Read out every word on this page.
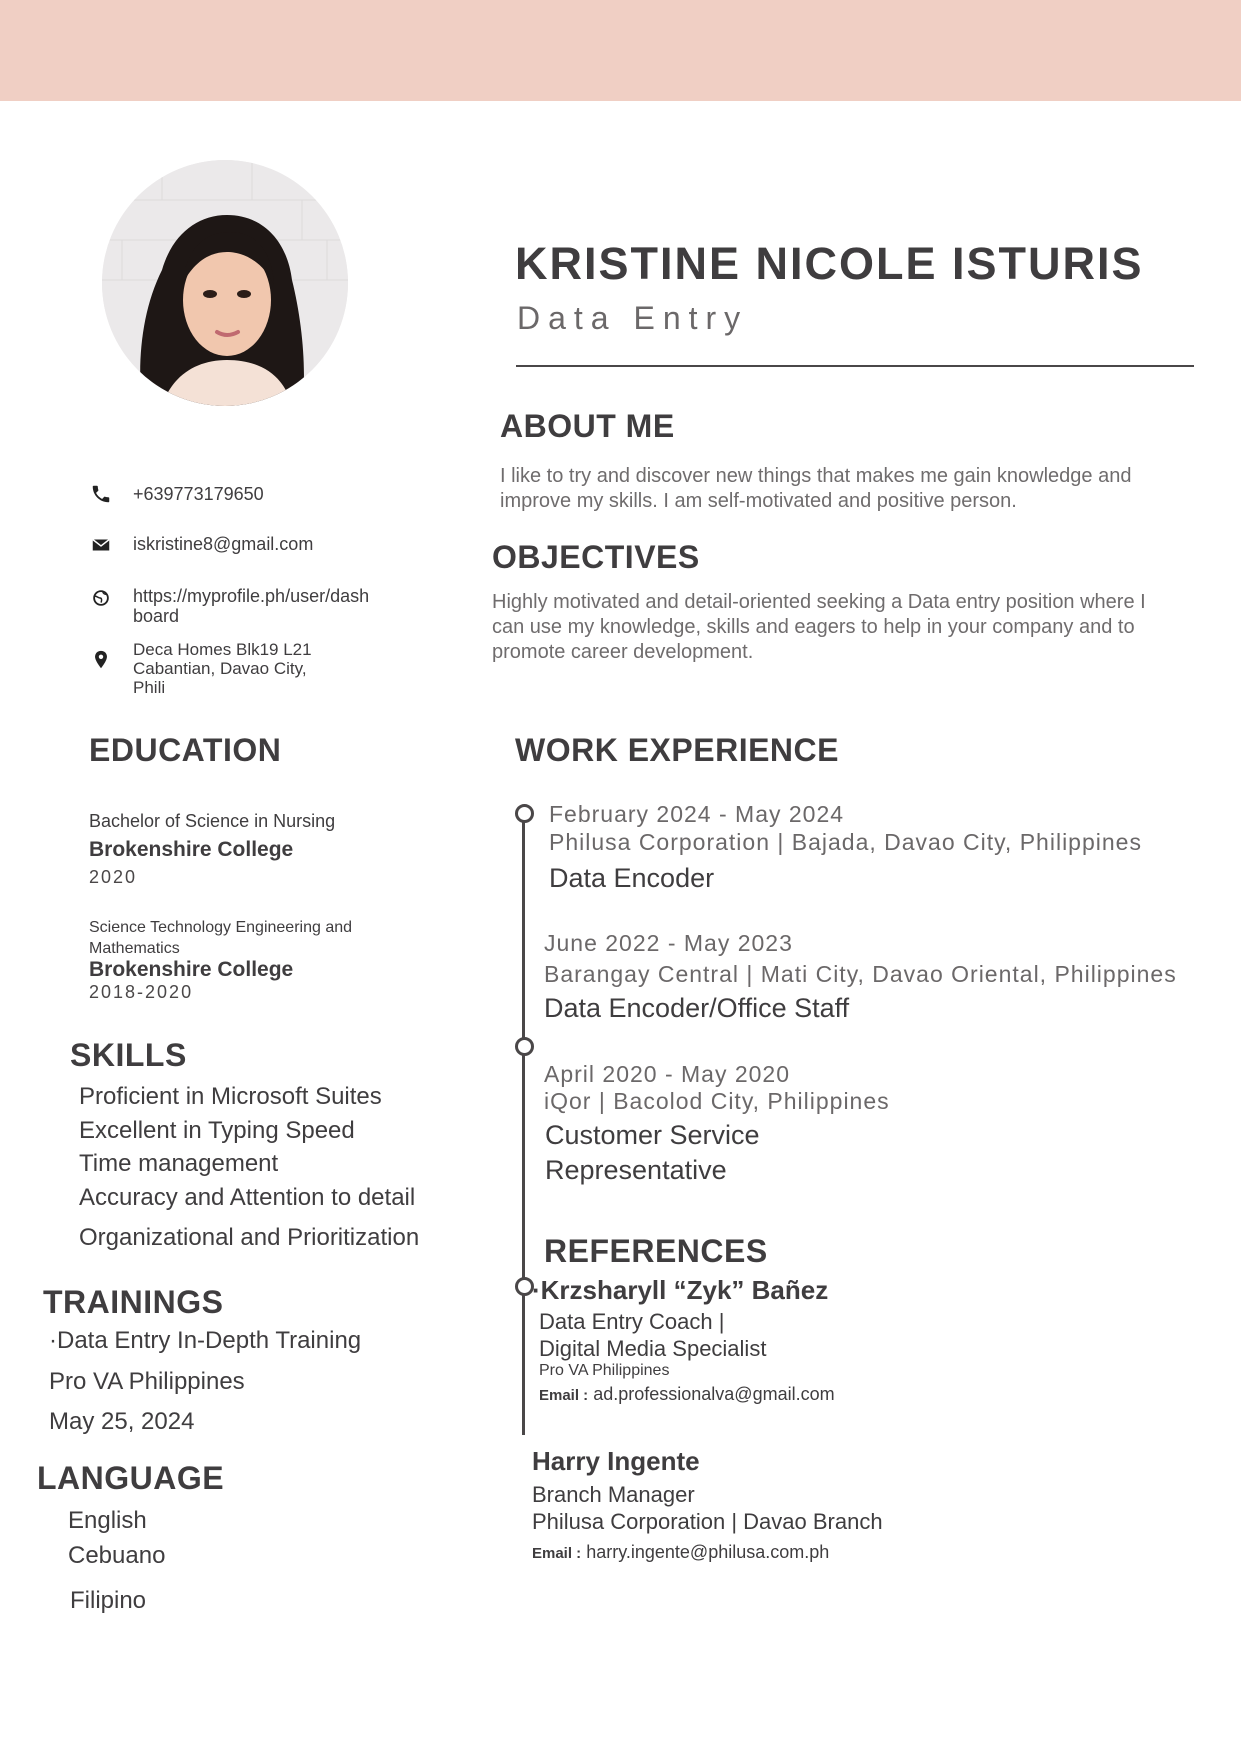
KRISTINE NICOLE ISTURIS
Data Entry
+639773179650
iskristine8@gmail.com
https://myprofile.ph/user/dashboard
Deca Homes Blk19 L21 Cabantian, Davao City, Phili
ABOUT ME
I like to try and discover new things that makes me gain knowledge and improve my skills. I am self-motivated and positive person.
OBJECTIVES
Highly motivated and detail-oriented seeking a Data entry position where I can use my knowledge, skills and eagers to help in your company and to promote career development.
EDUCATION
Bachelor of Science in Nursing
Brokenshire College
2020
Science Technology Engineering and Mathematics
Brokenshire College
2018-2020
SKILLS
Proficient in Microsoft Suites
Excellent in Typing Speed
Time management
Accuracy and Attention to detail
Organizational and Prioritization
TRAININGS
·Data Entry In-Depth Training
Pro VA Philippines
May 25, 2024
LANGUAGE
English
Cebuano
Filipino
WORK EXPERIENCE
February 2024 - May 2024
Philusa Corporation | Bajada, Davao City, Philippines
Data Encoder
June 2022 - May 2023
Barangay Central | Mati City, Davao Oriental, Philippines
Data Encoder/Office Staff
April 2020 - May 2020
iQor | Bacolod City, Philippines
Customer Service
Representative
REFERENCES
·Krzsharyll “Zyk” Bañez
Data Entry Coach |
Digital Media Specialist
Pro VA Philippines
Email : ad.professionalva@gmail.com
Harry Ingente
Branch Manager
Philusa Corporation | Davao Branch
Email : harry.ingente@philusa.com.ph
